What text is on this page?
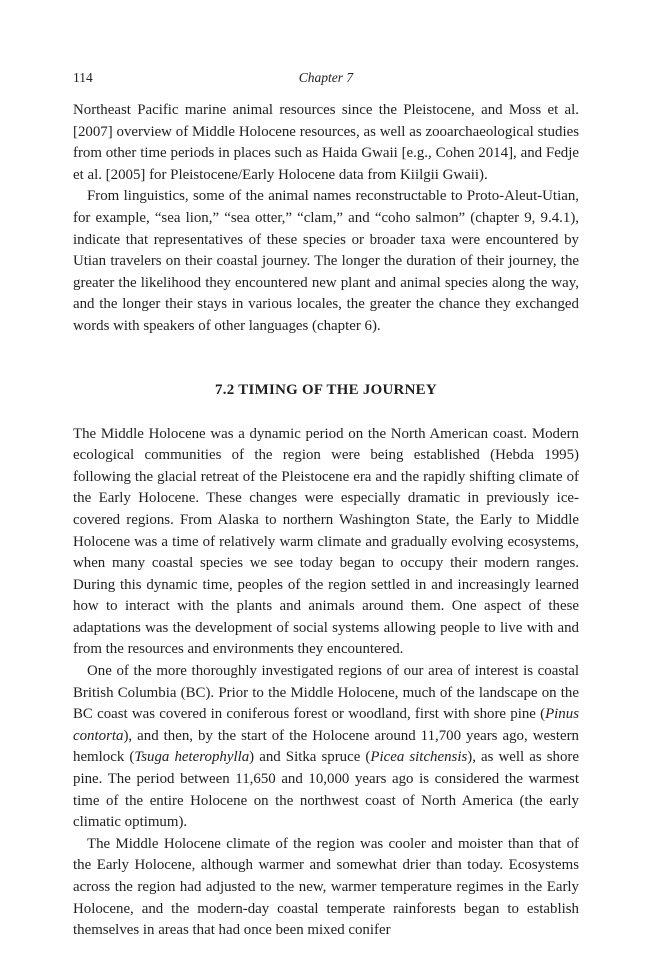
114	Chapter 7

Northeast Pacific marine animal resources since the Pleistocene, and Moss et al. [2007] overview of Middle Holocene resources, as well as zooarchaeological studies from other time periods in places such as Haida Gwaii [e.g., Cohen 2014], and Fedje et al. [2005] for Pleistocene/Early Holocene data from Kiilgii Gwaii).

From linguistics, some of the animal names reconstructable to Proto-Aleut-Utian, for example, “sea lion,” “sea otter,” “clam,” and “coho salmon” (chapter 9, 9.4.1), indicate that representatives of these species or broader taxa were encountered by Utian travelers on their coastal journey. The longer the duration of their journey, the greater the likelihood they encountered new plant and animal species along the way, and the longer their stays in various locales, the greater the chance they exchanged words with speakers of other languages (chapter 6).

7.2 TIMING OF THE JOURNEY

The Middle Holocene was a dynamic period on the North American coast. Modern ecological communities of the region were being established (Hebda 1995) following the glacial retreat of the Pleistocene era and the rapidly shifting climate of the Early Holocene. These changes were especially dramatic in previously ice-covered regions. From Alaska to northern Washington State, the Early to Middle Holocene was a time of relatively warm climate and gradually evolving ecosystems, when many coastal species we see today began to occupy their modern ranges. During this dynamic time, peoples of the region settled in and increasingly learned how to interact with the plants and animals around them. One aspect of these adaptations was the development of social systems allowing people to live with and from the resources and environments they encountered.

One of the more thoroughly investigated regions of our area of interest is coastal British Columbia (BC). Prior to the Middle Holocene, much of the landscape on the BC coast was covered in coniferous forest or woodland, first with shore pine (Pinus contorta), and then, by the start of the Holocene around 11,700 years ago, western hemlock (Tsuga heterophylla) and Sitka spruce (Picea sitchensis), as well as shore pine. The period between 11,650 and 10,000 years ago is considered the warmest time of the entire Holocene on the northwest coast of North America (the early climatic optimum).

The Middle Holocene climate of the region was cooler and moister than that of the Early Holocene, although warmer and somewhat drier than today. Ecosystems across the region had adjusted to the new, warmer temperature regimes in the Early Holocene, and the modern-day coastal temperate rainforests began to establish themselves in areas that had once been mixed conifer
